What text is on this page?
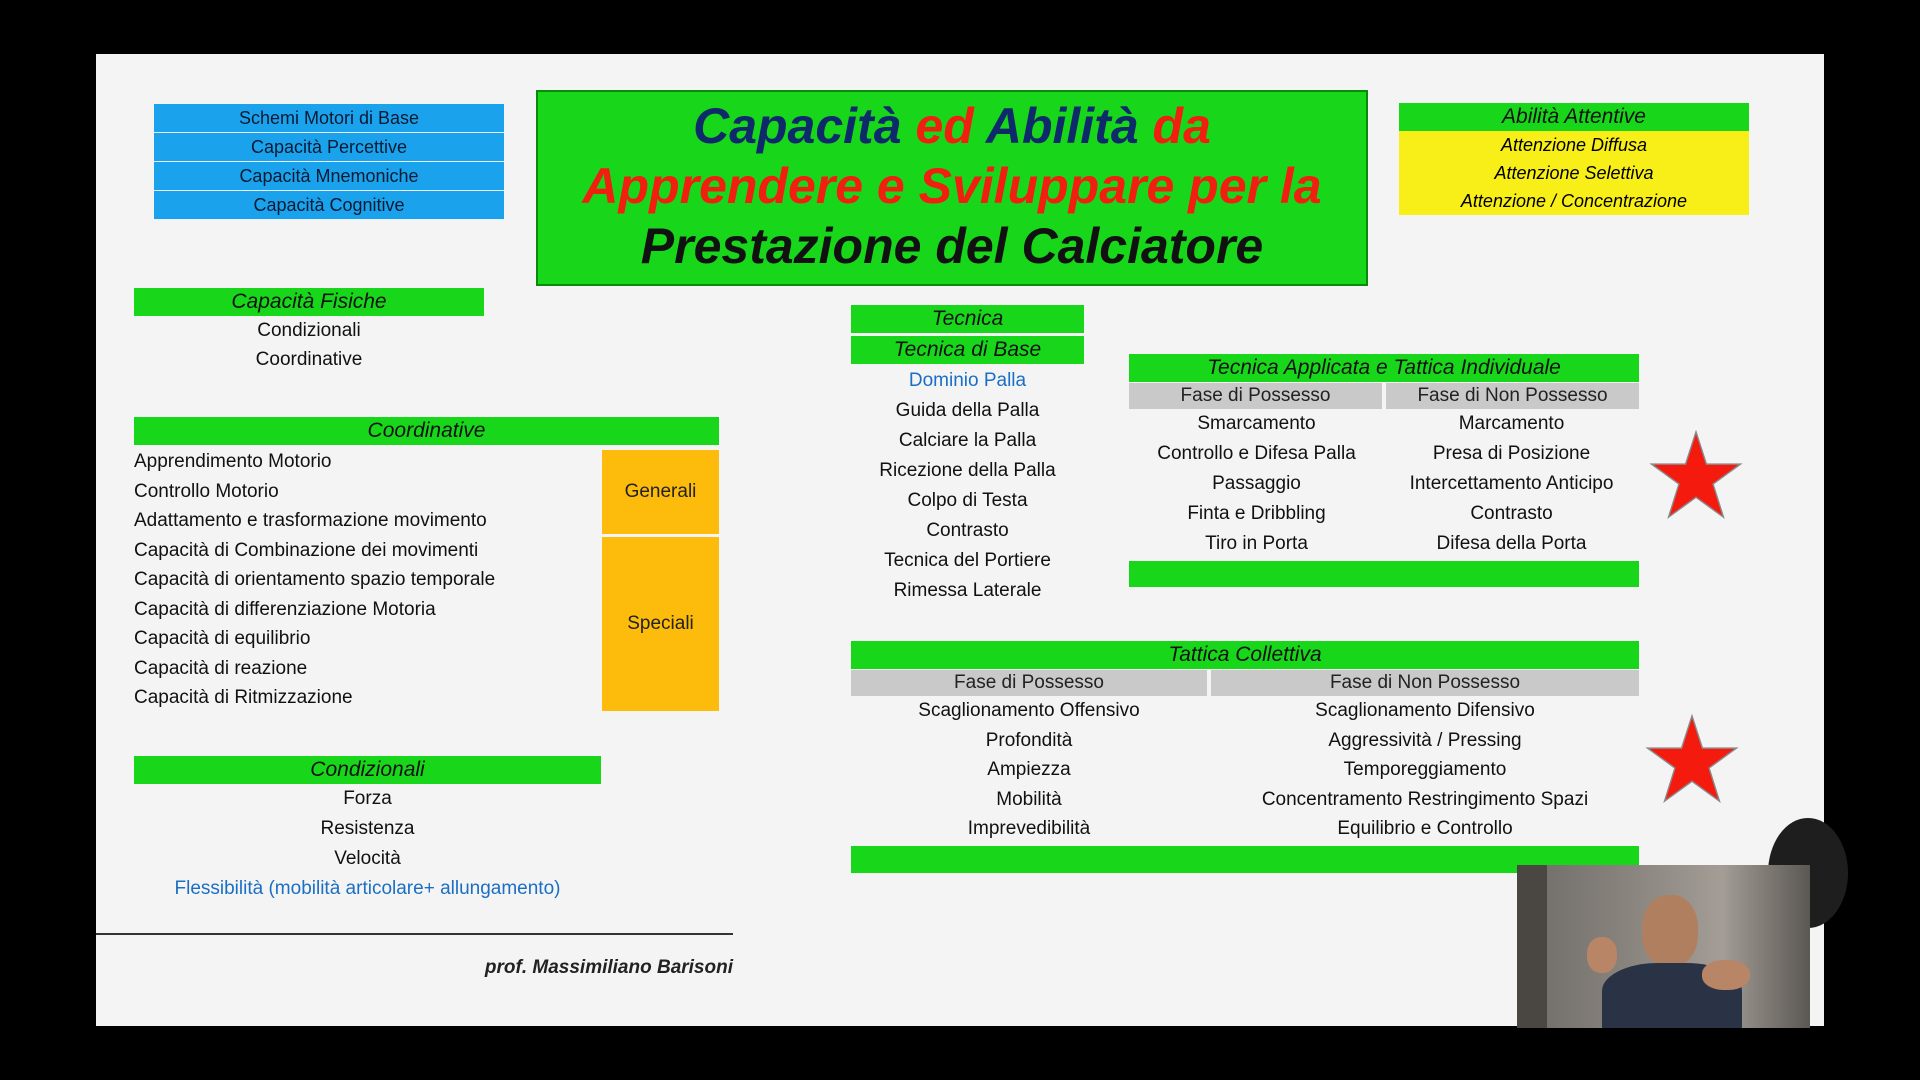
Schemi Motori di Base
Capacità Percettive
Capacità Mnemoniche
Capacità Cognitive
Capacità ed Abilità da
Apprendere e Sviluppare per la
Prestazione del Calciatore
Abilità Attentive
Attenzione Diffusa
Attenzione Selettiva
Attenzione / Concentrazione
Capacità Fisiche
Condizionali
Coordinative
Coordinative
Apprendimento Motorio
Controllo Motorio
Adattamento e trasformazione movimento
Capacità di Combinazione dei movimenti
Capacità di orientamento spazio temporale
Capacità di differenziazione Motoria
Capacità di equilibrio
Capacità di reazione
Capacità di Ritmizzazione
Generali
Speciali
Condizionali
Forza
Resistenza
Velocità
Flessibilità (mobilità articolare+ allungamento)
prof. Massimiliano Barisoni
Tecnica
Tecnica di Base
Dominio Palla
Guida della Palla
Calciare la Palla
Ricezione della Palla
Colpo di Testa
Contrasto
Tecnica del Portiere
Rimessa Laterale
Tecnica Applicata e Tattica Individuale
Fase di Possesso	Fase di Non Possesso
Smarcamento
Controllo e Difesa Palla
Passaggio
Finta e Dribbling
Tiro in Porta
Marcamento
Presa di Posizione
Intercettamento Anticipo
Contrasto
Difesa della Porta
Tattica Collettiva
Fase di Possesso	Fase di Non Possesso
Scaglionamento Offensivo
Profondità
Ampiezza
Mobilità
Imprevedibilità
Scaglionamento Difensivo
Aggressività / Pressing
Temporeggiamento
Concentramento Restringimento Spazi
Equilibrio e Controllo
